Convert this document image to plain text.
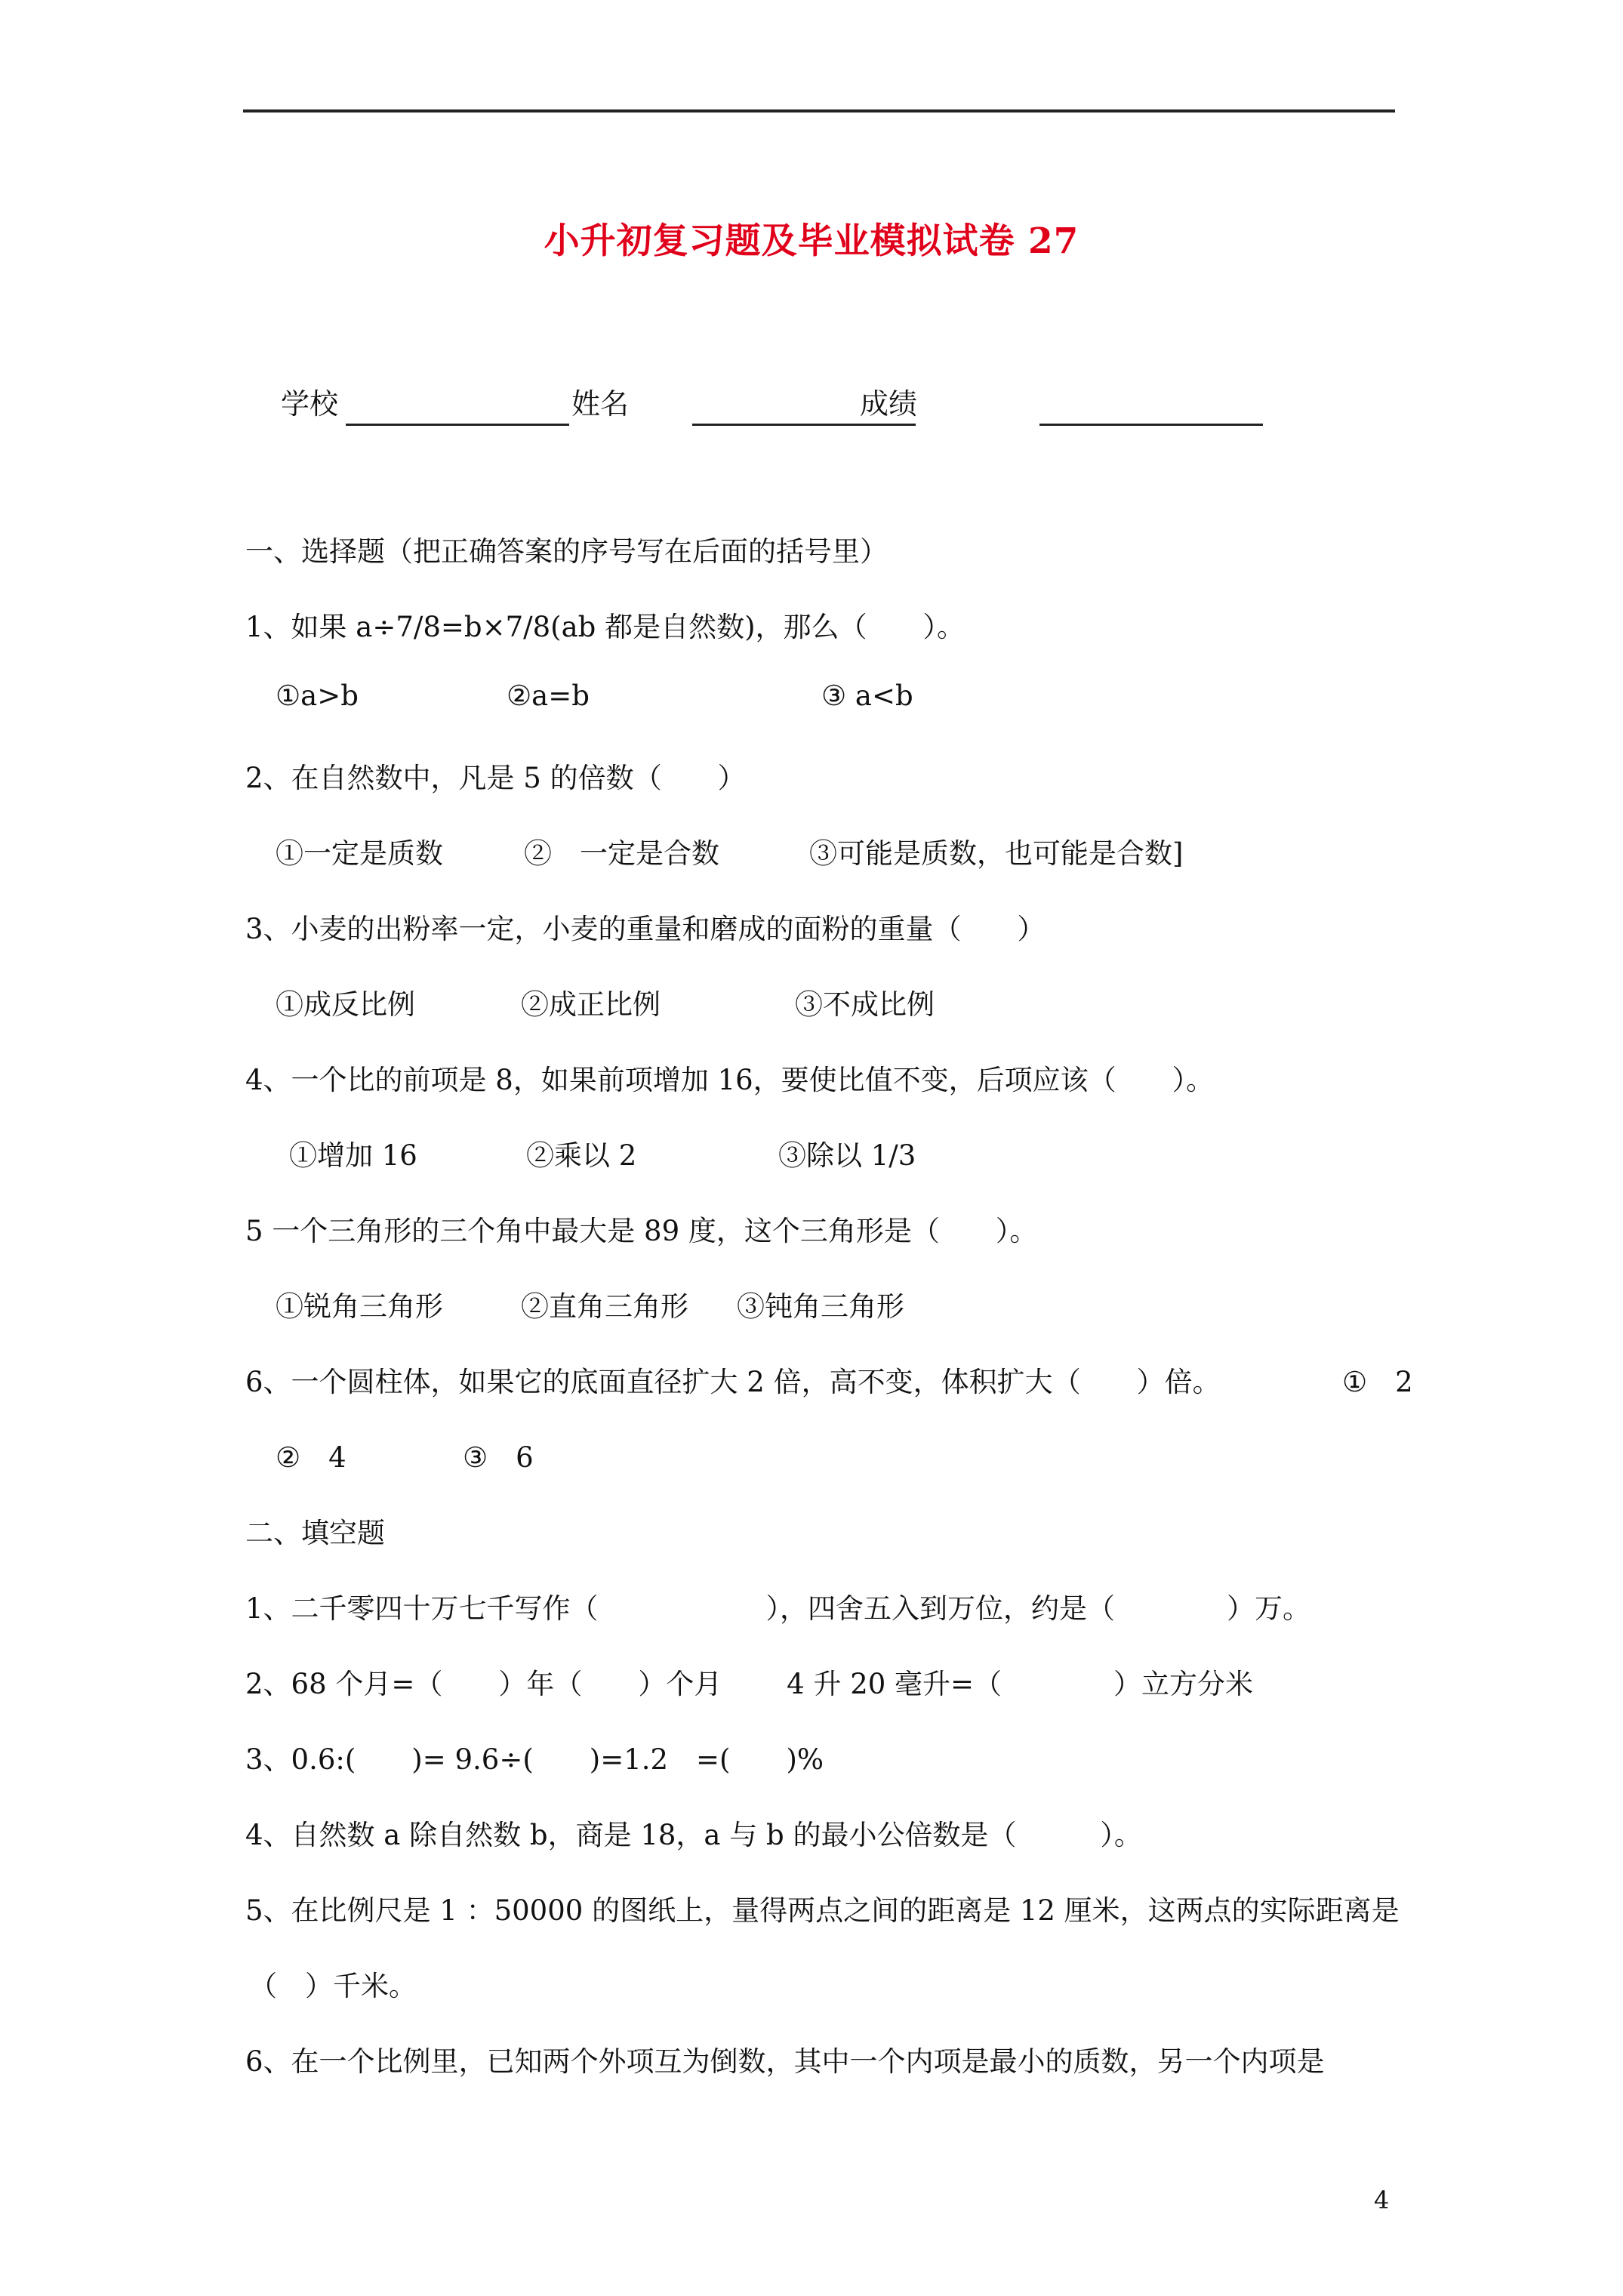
小升初复习题及毕业模拟试卷 27
学校	姓名	成绩
一、选择题（把正确答案的序号写在后面的括号里）
1、如果 a÷7/8=b×7/8(ab 都是自然数)，那么（　　）。
①a>b	②a=b	③ a<b
2、在自然数中，凡是 5 的倍数（　　）
①一定是质数	②　一定是合数	③可能是质数，也可能是合数]
3、小麦的出粉率一定，小麦的重量和磨成的面粉的重量（　　）
①成反比例	②成正比例	③不成比例
4、一个比的前项是 8，如果前项增加 16，要使比值不变，后项应该（　　）。
①增加 16	②乘以 2	③除以 1/3
5 一个三角形的三个角中最大是 89 度，这个三角形是（　　）。
①锐角三角形	②直角三角形 ③钝角三角形
6、一个圆柱体，如果它的底面直径扩大 2 倍，高不变，体积扩大（　　）倍。	①　2
②　4	③　6
二、填空题
1、二千零四十万七千写作（　　　　　　），四舍五入到万位，约是（　　　　）万。
2、68 个月=（　　）年（　　）个月　　 4 升 20 毫升=（　　　　）立方分米
3、0.6:(　　)= 9.6÷(　　)=1.2　=(　　)%
4、自然数 a 除自然数 b，商是 18，a 与 b 的最小公倍数是（　　　）。
5、在比例尺是 1 ：50000 的图纸上，量得两点之间的距离是 12 厘米，这两点的实际距离是
（　）千米。
6、在一个比例里，已知两个外项互为倒数，其中一个内项是最小的质数，另一个内项是
4
